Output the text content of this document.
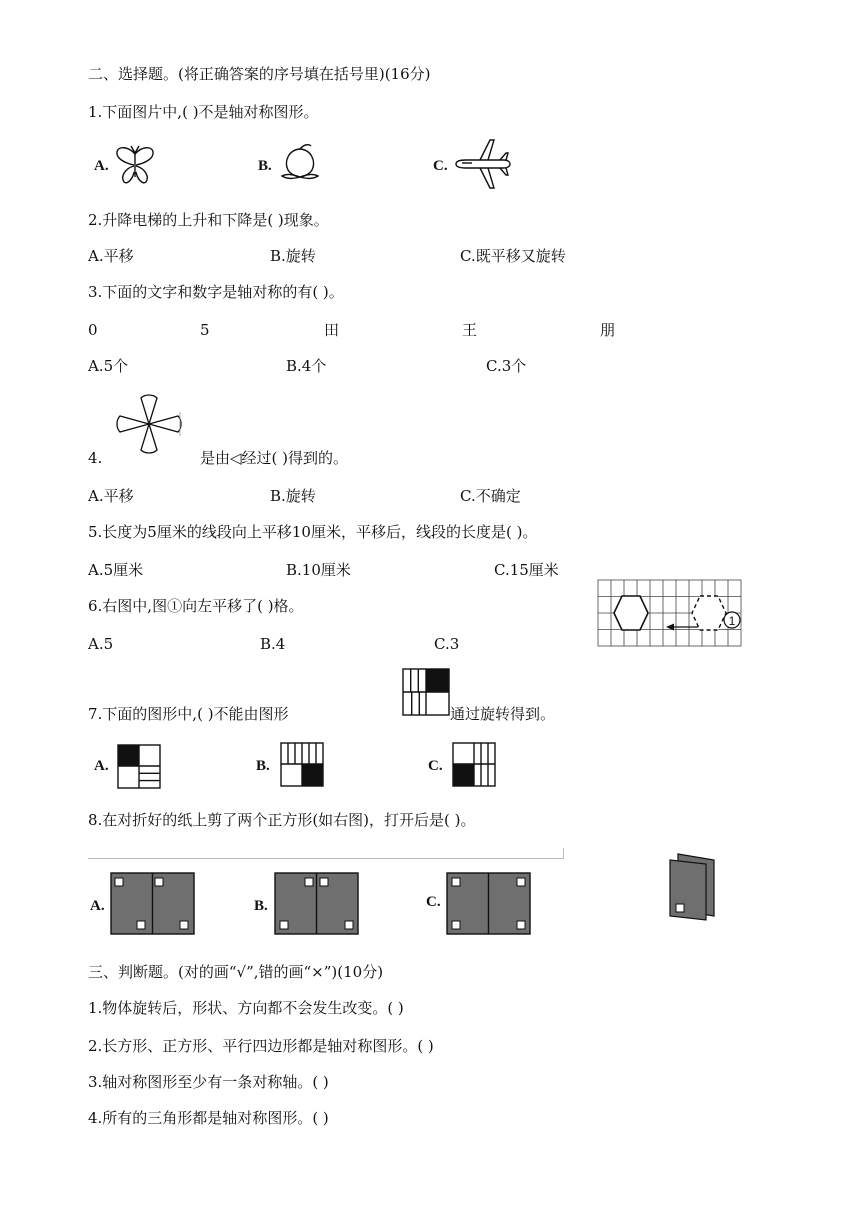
二、选择题。(将正确答案的序号填在括号里)(16分)
1.下面图片中,( )不是轴对称图形。
A.	B.	C.
2.升降电梯的上升和下降是( )现象。
A.平移	B.旋转	C.既平移又旋转
3.下面的文字和数字是轴对称的有( )。
0	5	田	王	朋
A.5个	B.4个	C.3个
4.	是由◁经过( )得到的。
A.平移	B.旋转	C.不确定
5.长度为5厘米的线段向上平移10厘米，平移后，线段的长度是( )。
A.5厘米	B.10厘米	C.15厘米
6.右图中,图①向左平移了( )格。
A.5	B.4	C.3
1
7.下面的图形中,( )不能由图形	通过旋转得到。
A.	B.	C.
8.在对折好的纸上剪了两个正方形(如右图)，打开后是( )。
A.	B.	C.
三、判断题。(对的画“√”,错的画“×”)(10分)
1.物体旋转后，形状、方向都不会发生改变。( )
2.长方形、正方形、平行四边形都是轴对称图形。( )
3.轴对称图形至少有一条对称轴。( )
4.所有的三角形都是轴对称图形。( )
